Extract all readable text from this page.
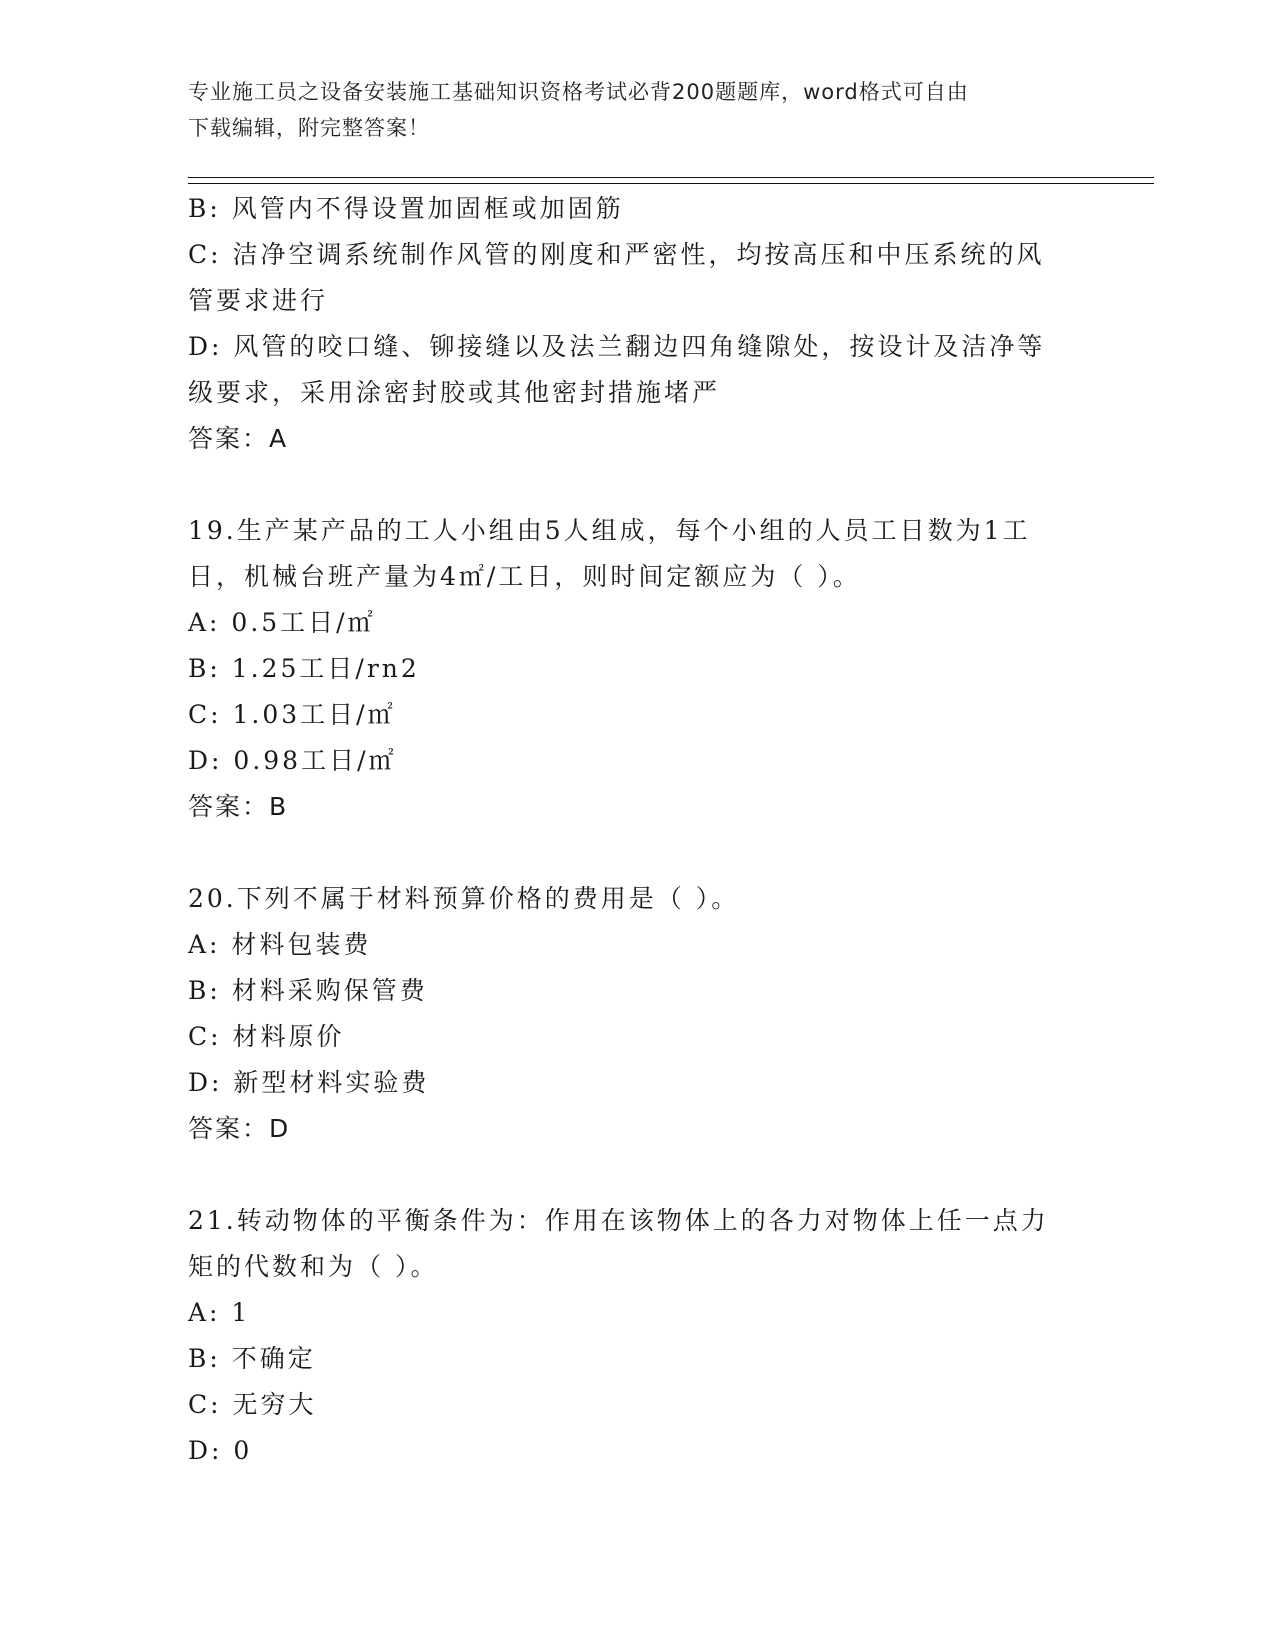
专业施工员之设备安装施工基础知识资格考试必背200题题库，word格式可自由
下载编辑，附完整答案！
B: 风管内不得设置加固框或加固筋
C: 洁净空调系统制作风管的刚度和严密性，均按高压和中压系统的风
管要求进行
D: 风管的咬口缝、铆接缝以及法兰翻边四角缝隙处，按设计及洁净等
级要求，采用涂密封胶或其他密封措施堵严
答案：A
19.生产某产品的工人小组由5人组成，每个小组的人员工日数为1工
日，机械台班产量为4㎡/工日，则时间定额应为（ ）。
A: 0.5工日/㎡
B: 1.25工日/rn2
C: 1.03工日/㎡
D: 0.98工日/㎡
答案：B
20.下列不属于材料预算价格的费用是（ ）。
A: 材料包装费
B: 材料采购保管费
C: 材料原价
D: 新型材料实验费
答案：D
21.转动物体的平衡条件为：作用在该物体上的各力对物体上任一点力
矩的代数和为（ ）。
A: 1
B: 不确定
C: 无穷大
D: 0
